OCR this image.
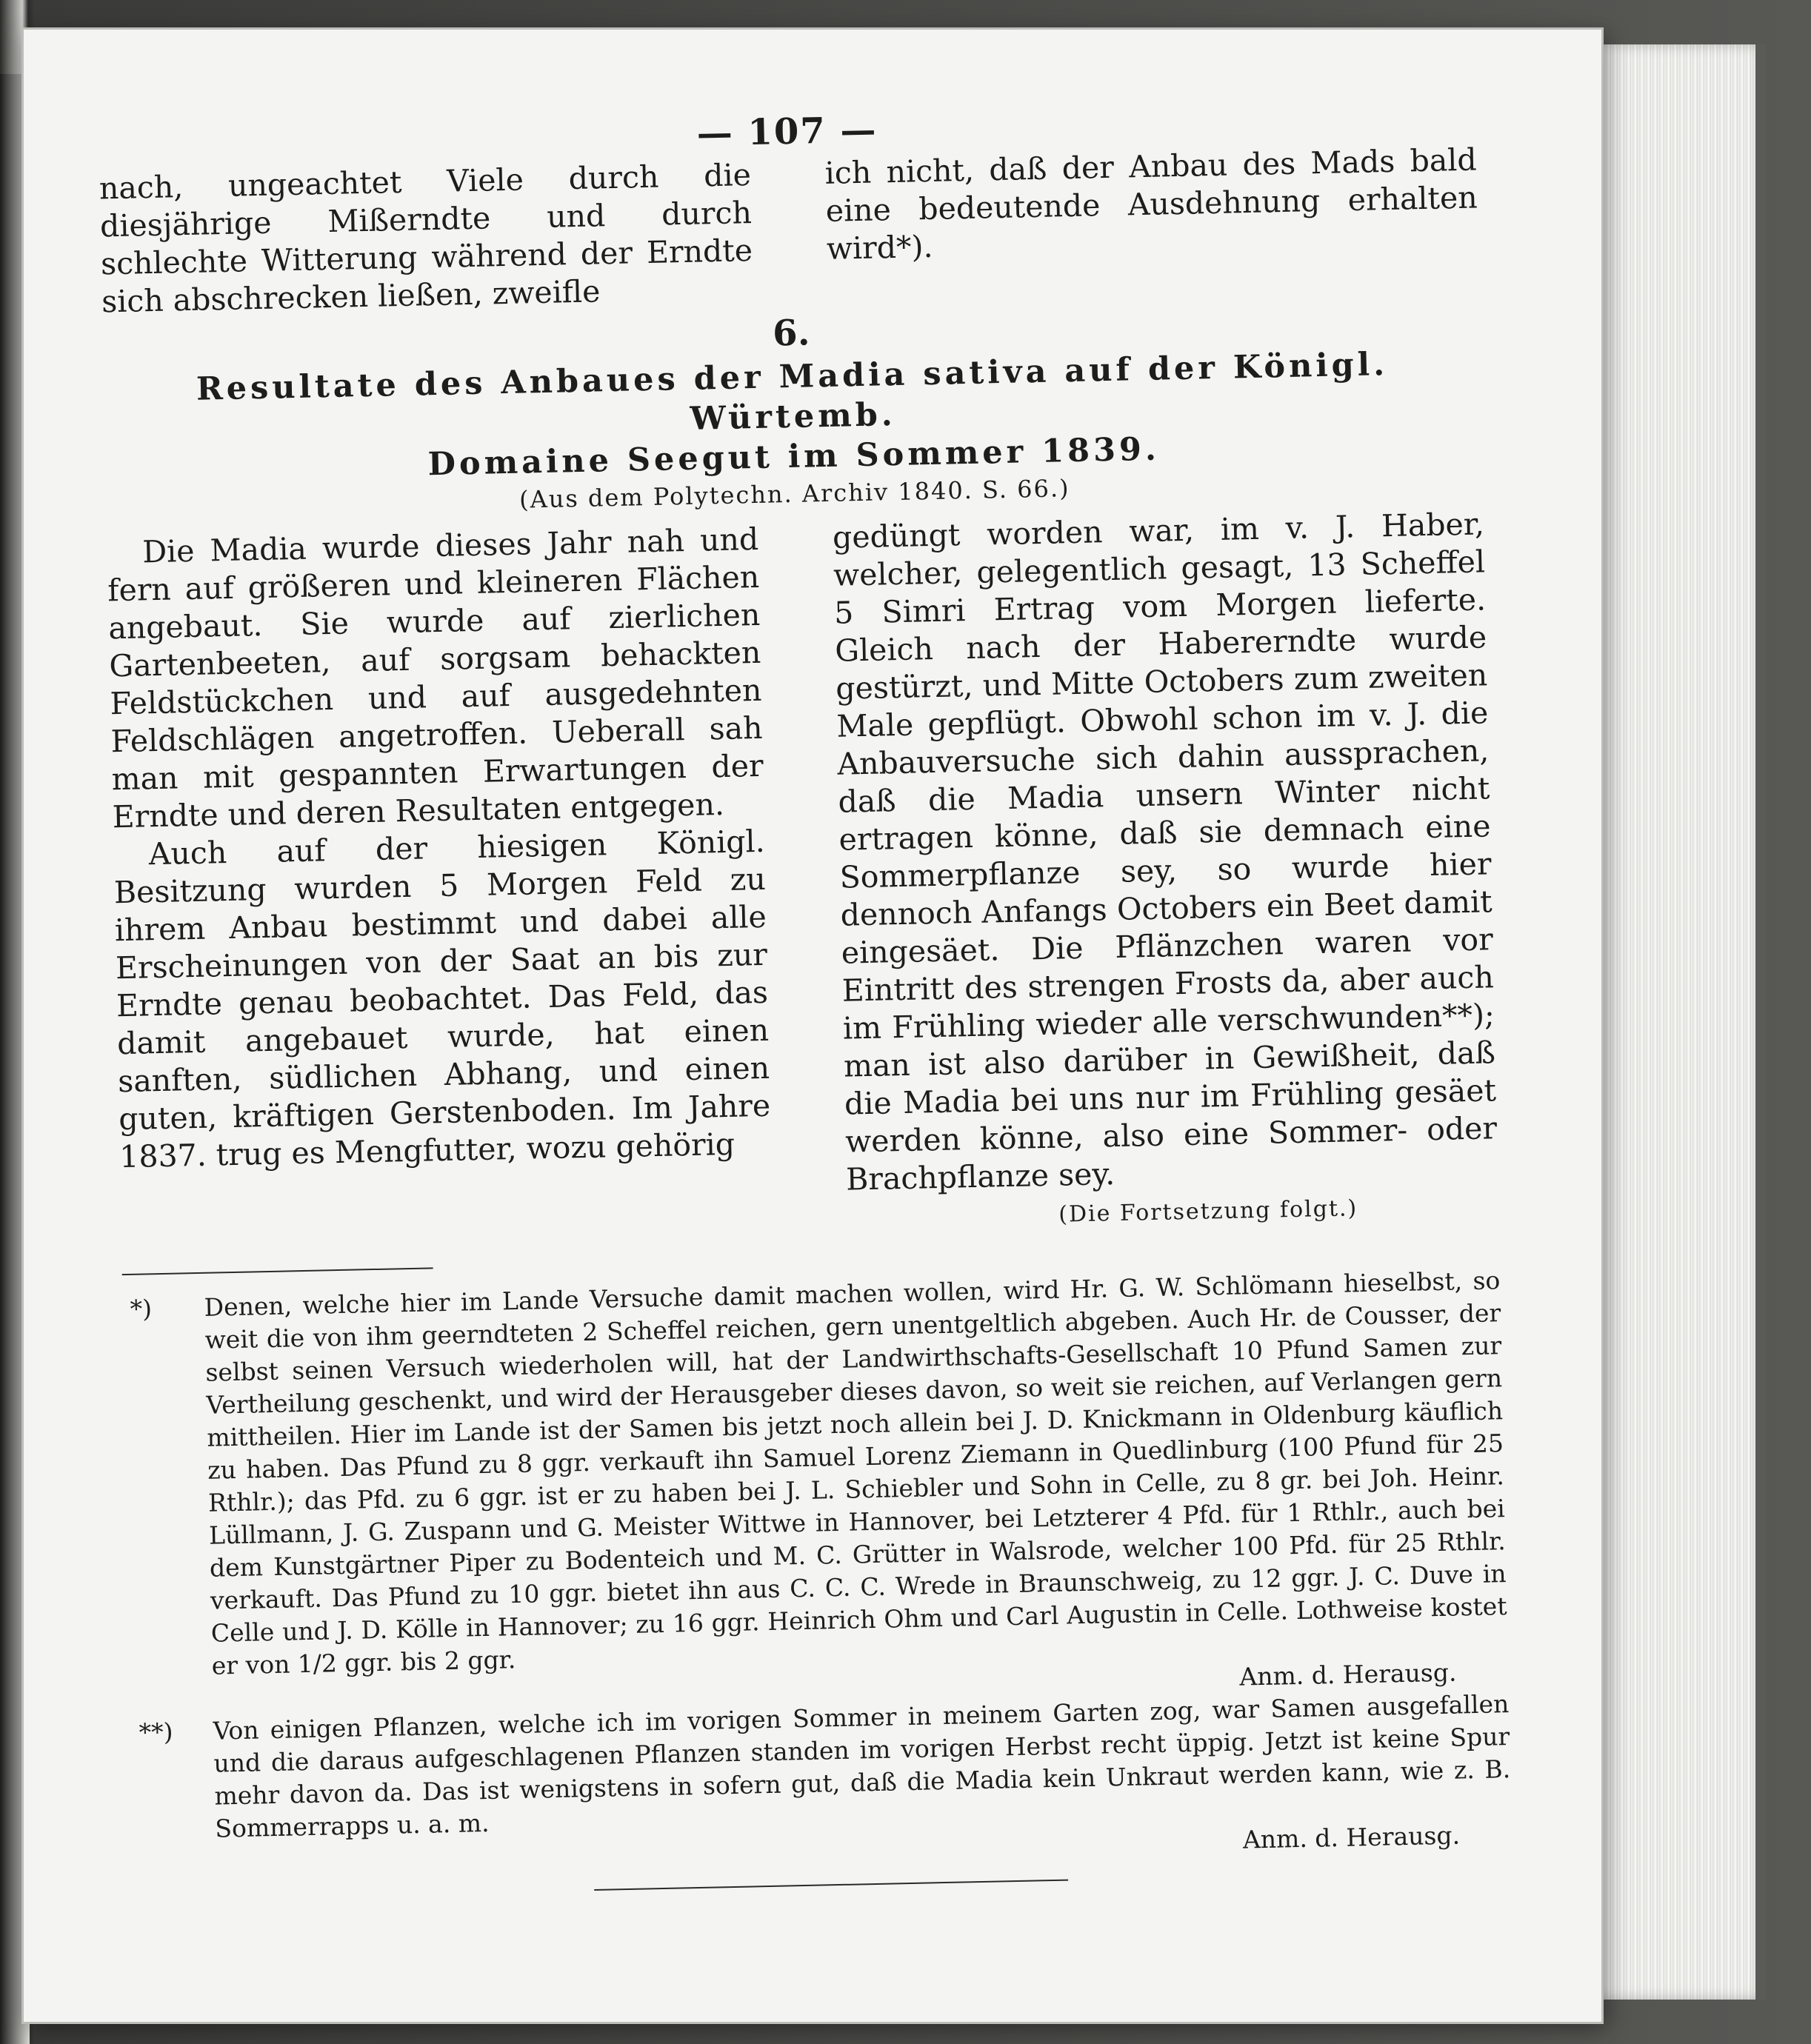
— 107 —

nach, ungeachtet Viele durch die diesjährige Mißerndte und durch schlechte Witterung während der Erndte sich abschrecken ließen, zweifle

ich nicht, daß der Anbau des Mads bald eine bedeutende Ausdehnung erhalten wird*).

6.
Resultate des Anbaues der Madia sativa auf der Königl. Würtemb.
Domaine Seegut im Sommer 1839.
(Aus dem Polytechn. Archiv 1840. S. 66.)

Die Madia wurde dieses Jahr nah und fern auf größeren und kleineren Flächen angebaut. Sie wurde auf zierlichen Gartenbeeten, auf sorgsam behackten Feldstückchen und auf ausgedehnten Feldschlägen angetroffen. Ueberall sah man mit gespannten Erwartungen der Erndte und deren Resultaten entgegen.

Auch auf der hiesigen Königl. Besitzung wurden 5 Morgen Feld zu ihrem Anbau bestimmt und dabei alle Erscheinungen von der Saat an bis zur Erndte genau beobachtet. Das Feld, das damit angebauet wurde, hat einen sanften, südlichen Abhang, und einen guten, kräftigen Gerstenboden. Im Jahre 1837. trug es Mengfutter, wozu gehörig

gedüngt worden war, im v. J. Haber, welcher, gelegentlich gesagt, 13 Scheffel 5 Simri Ertrag vom Morgen lieferte. Gleich nach der Habererndte wurde gestürzt, und Mitte Octobers zum zweiten Male gepflügt. Obwohl schon im v. J. die Anbauversuche sich dahin aussprachen, daß die Madia unsern Winter nicht ertragen könne, daß sie demnach eine Sommerpflanze sey, so wurde hier dennoch Anfangs Octobers ein Beet damit eingesäet. Die Pflänzchen waren vor Eintritt des strengen Frosts da, aber auch im Frühling wieder alle verschwunden**); man ist also darüber in Gewißheit, daß die Madia bei uns nur im Frühling gesäet werden könne, also eine Sommer- oder Brachpflanze sey.

(Die Fortsetzung folgt.)
*) Denen, welche hier im Lande Versuche damit machen wollen, wird Hr. G. W. Schlömann hieselbst, so weit die von ihm geerndteten 2 Scheffel reichen, gern unentgeltlich abgeben. Auch Hr. de Cousser, der selbst seinen Versuch wiederholen will, hat der Landwirthschafts-Gesellschaft 10 Pfund Samen zur Vertheilung geschenkt, und wird der Herausgeber dieses davon, so weit sie reichen, auf Verlangen gern mittheilen. Hier im Lande ist der Samen bis jetzt noch allein bei J. D. Knickmann in Oldenburg käuflich zu haben. Das Pfund zu 8 ggr. verkauft ihn Samuel Lorenz Ziemann in Quedlinburg (100 Pfund für 25 Rthlr.); das Pfd. zu 6 ggr. ist er zu haben bei J. L. Schiebler und Sohn in Celle, zu 8 gr. bei Joh. Heinr. Lüllmann, J. G. Zuspann und G. Meister Wittwe in Hannover, bei Letzterer 4 Pfd. für 1 Rthlr., auch bei dem Kunstgärtner Piper zu Bodenteich und M. C. Grütter in Walsrode, welcher 100 Pfd. für 25 Rthlr. verkauft. Das Pfund zu 10 ggr. bietet ihn aus C. C. C. Wrede in Braunschweig, zu 12 ggr. J. C. Duve in Celle und J. D. Kölle in Hannover; zu 16 ggr. Heinrich Ohm und Carl Augustin in Celle. Lothweise kostet er von 1/2 ggr. bis 2 ggr.	Anm. d. Herausg.
**) Von einigen Pflanzen, welche ich im vorigen Sommer in meinem Garten zog, war Samen ausgefallen und die daraus aufgeschlagenen Pflanzen standen im vorigen Herbst recht üppig. Jetzt ist keine Spur mehr davon da. Das ist wenigstens in sofern gut, daß die Madia kein Unkraut werden kann, wie z. B. Sommerrapps u. a. m.	Anm. d. Herausg.
